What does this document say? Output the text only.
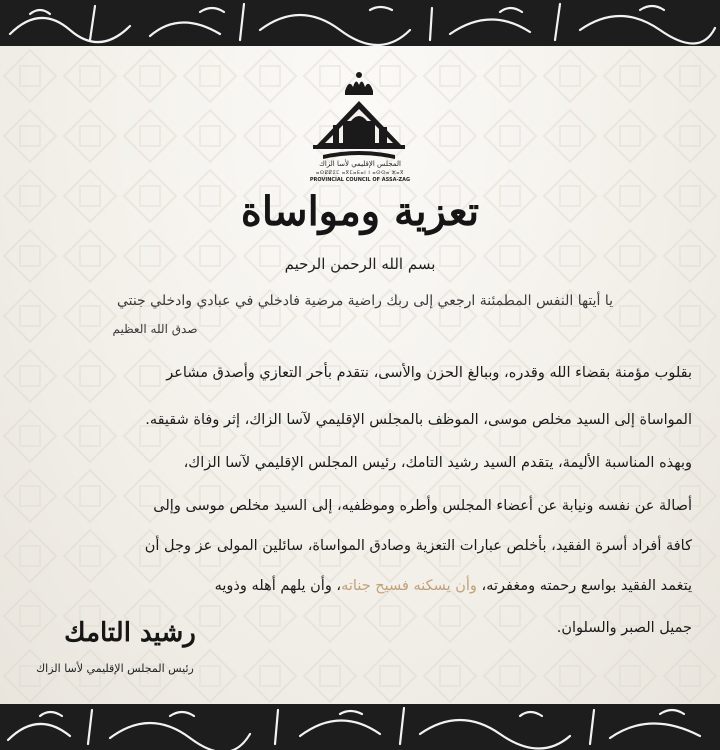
المجلس الإقليمي لأسا الزاك
ⴰⵙⵇⵇⵉⵎ ⴰⴳⵎⴰⴹⴰⵏ ⵏ ⴰⵙⵙⴰ ⵣⴰⴳ
PROVINCIAL COUNCIL OF ASSA-ZAG
تعزية ومواساة
بسم الله الرحمن الرحيم
يا أيتها النفس المطمئنة ارجعي إلى ربك راضية مرضية فادخلي في عبادي وادخلي جنتي
صدق الله العظيم

بقلوب مؤمنة بقضاء الله وقدره، وببالغ الحزن والأسى، نتقدم بأحر التعازي وأصدق مشاعر

المواساة إلى السيد مخلص موسى، الموظف بالمجلس الإقليمي لآسا الزاك، إثر وفاة شقيقه.

وبهذه المناسبة الأليمة، يتقدم السيد رشيد التامك، رئيس المجلس الإقليمي لآسا الزاك،

أصالة عن نفسه ونيابة عن أعضاء المجلس وأطره وموظفيه، إلى السيد مخلص موسى وإلى

كافة أفراد أسرة الفقيد، بأخلص عبارات التعزية وصادق المواساة، سائلين المولى عز وجل أن

يتغمد الفقيد بواسع رحمته ومغفرته، وأن يسكنه فسيح جناته، وأن يلهم أهله وذويه

جميل الصبر والسلوان.

رشيد التامك
رئيس المجلس الإقليمي لأسا الزاك
